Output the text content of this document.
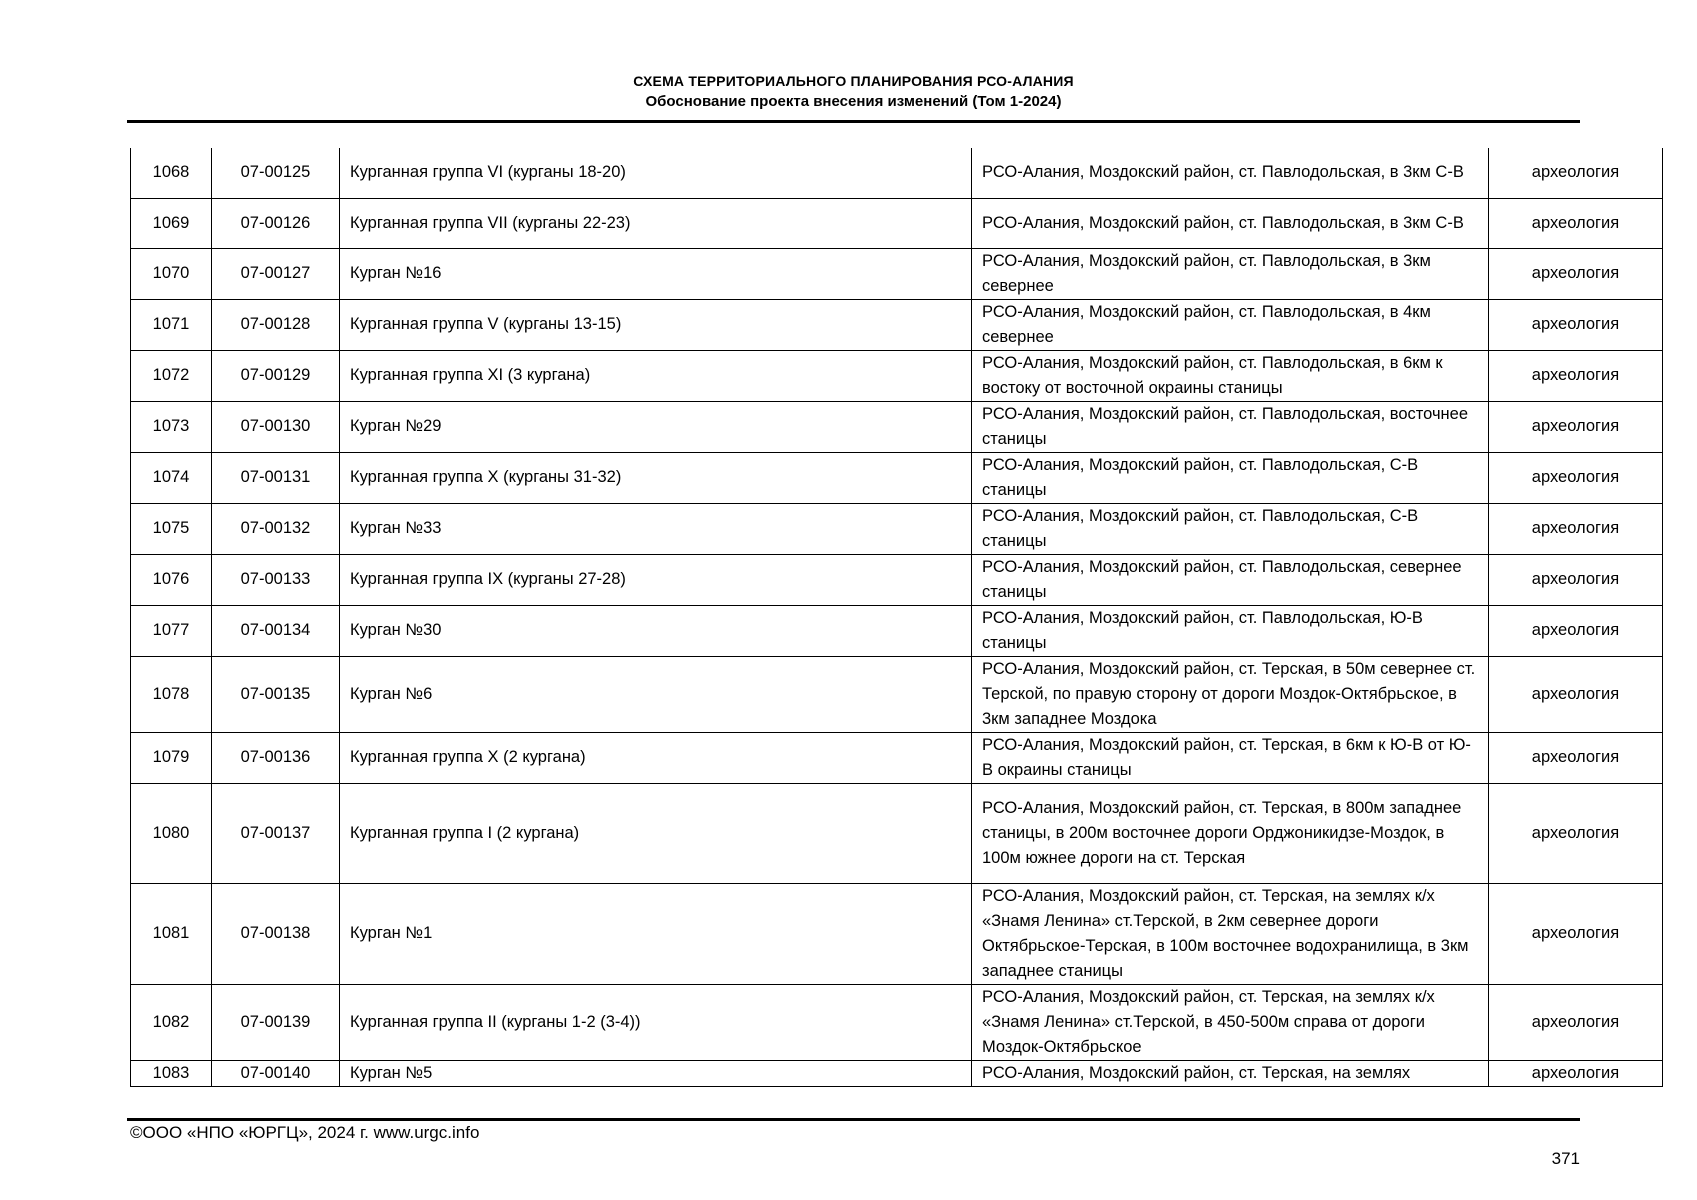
СХЕМА ТЕРРИТОРИАЛЬНОГО ПЛАНИРОВАНИЯ РСО-АЛАНИЯ
Обоснование проекта внесения изменений (Том 1-2024)
1068	07-00125	Курганная группа VI (курганы 18-20)	РСО-Алания, Моздокский район, ст. Павлодольская, в 3км С-В	археология
1069	07-00126	Курганная группа VII (курганы 22-23)	РСО-Алания, Моздокский район, ст. Павлодольская, в 3км С-В	археология
1070	07-00127	Курган №16	РСО-Алания, Моздокский район, ст. Павлодольская, в 3км севернее	археология
1071	07-00128	Курганная группа V (курганы 13-15)	РСО-Алания, Моздокский район, ст. Павлодольская, в 4км севернее	археология
1072	07-00129	Курганная группа XI (3 кургана)	РСО-Алания, Моздокский район, ст. Павлодольская, в 6км к востоку от восточной окраины станицы	археология
1073	07-00130	Курган №29	РСО-Алания, Моздокский район, ст. Павлодольская, восточнее станицы	археология
1074	07-00131	Курганная группа X (курганы 31-32)	РСО-Алания, Моздокский район, ст. Павлодольская, С-В станицы	археология
1075	07-00132	Курган №33	РСО-Алания, Моздокский район, ст. Павлодольская, С-В станицы	археология
1076	07-00133	Курганная группа IX (курганы 27-28)	РСО-Алания, Моздокский район, ст. Павлодольская, севернее станицы	археология
1077	07-00134	Курган №30	РСО-Алания, Моздокский район, ст. Павлодольская, Ю-В станицы	археология
1078	07-00135	Курган №6	РСО-Алания, Моздокский район, ст. Терская, в 50м севернее ст. Терской, по правую сторону от дороги Моздок-Октябрьское, в 3км западнее Моздока	археология
1079	07-00136	Курганная группа X (2 кургана)	РСО-Алания, Моздокский район, ст. Терская, в 6км к Ю-В от Ю-В окраины станицы	археология
1080	07-00137	Курганная группа I (2 кургана)	РСО-Алания, Моздокский район, ст. Терская, в 800м западнее станицы, в 200м восточнее дороги Орджоникидзе-Моздок, в 100м южнее дороги на ст. Терская	археология
1081	07-00138	Курган №1	РСО-Алания, Моздокский район, ст. Терская, на землях к/х «Знамя Ленина» ст.Терской, в 2км севернее дороги Октябрьское-Терская, в 100м восточнее водохранилища, в 3км западнее станицы	археология
1082	07-00139	Курганная группа II (курганы 1-2 (3-4))	РСО-Алания, Моздокский район, ст. Терская, на землях к/х «Знамя Ленина» ст.Терской, в 450-500м справа от дороги Моздок-Октябрьское	археология
1083	07-00140	Курган №5	РСО-Алания, Моздокский район, ст. Терская, на землях	археология
©ООО «НПО «ЮРГЦ», 2024 г. www.urgc.info
371
